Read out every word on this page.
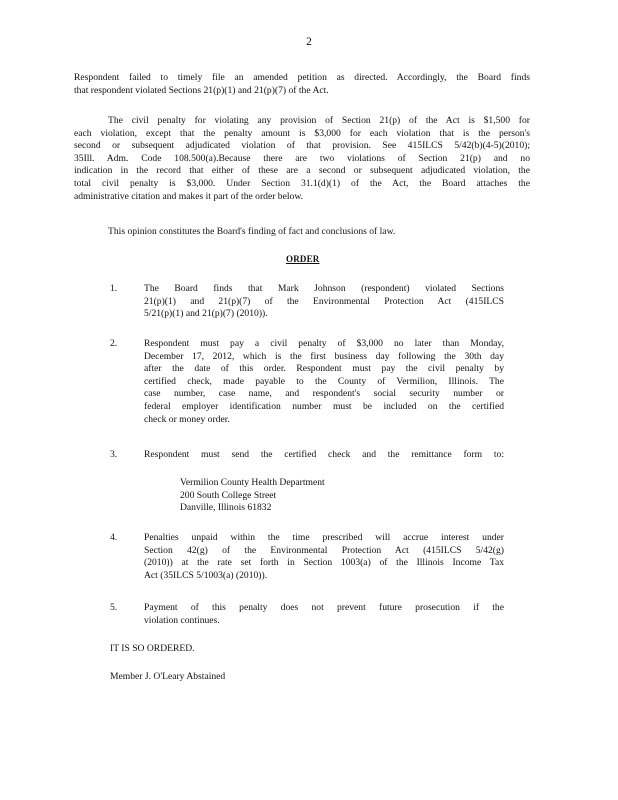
2
Respondent failed to timely file an amended petition as directed. Accordingly, the Board finds
that respondent violated Sections 21(p)(1) and 21(p)(7) of the Act.
The civil penalty for violating any provision of Section 21(p) of the Act is $1,500 for
each violation, except that the penalty amount is $3,000 for each violation that is the person's
second or subsequent adjudicated violation of that provision. See 415ILCS 5/42(b)(4-5)(2010);
35Ill. Adm. Code 108.500(a).Because there are two violations of Section 21(p) and no
indication in the record that either of these are a second or subsequent adjudicated violation, the
total civil penalty is $3,000. Under Section 31.1(d)(1) of the Act, the Board attaches the
administrative citation and makes it part of the order below.
This opinion constitutes the Board's finding of fact and conclusions of law.
ORDER
1.	The Board finds that Mark Johnson (respondent) violated Sections
21(p)(1) and 21(p)(7) of the Environmental Protection Act (415ILCS
5/21(p)(1) and 21(p)(7) (2010)).
2.	Respondent must pay a civil penalty of $3,000 no later than Monday,
December 17, 2012, which is the first business day following the 30th day
after the date of this order. Respondent must pay the civil penalty by
certified check, made payable to the County of Vermilion, Illinois. The
case number, case name, and respondent's social security number or
federal employer identification number must be included on the certified
check or money order.
3.	Respondent must send the certified check and the remittance form to:
Vermilion County Health Department
200 South College Street
Danville, Illinois 61832
4.	Penalties unpaid within the time prescribed will accrue interest under
Section 42(g) of the Environmental Protection Act (415ILCS 5/42(g)
(2010)) at the rate set forth in Section 1003(a) of the Illinois Income Tax
Act (35ILCS 5/1003(a) (2010)).
5.	Payment of this penalty does not prevent future prosecution if the
violation continues.
IT IS SO ORDERED.
Member J. O'Leary Abstained
